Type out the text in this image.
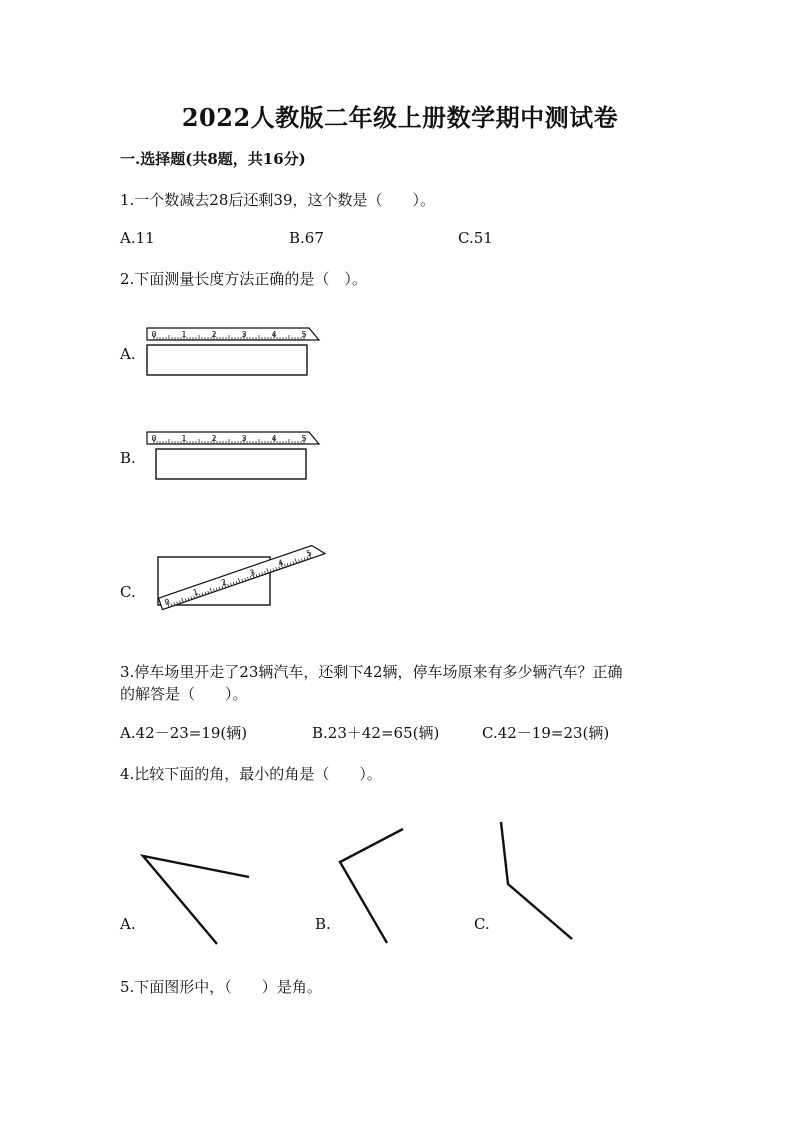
2022人教版二年级上册数学期中测试卷
一.选择题(共8题，共16分)
1.一个数减去28后还剩39，这个数是（　　）。
A.11	B.67	C.51
2.下面测量长度方法正确的是（　）。
A.
B.
C.
0	1	2	3	4	5
0	1	2	3	4	5
0
1
2
3
4
5
3.停车场里开走了23辆汽车，还剩下42辆，停车场原来有多少辆汽车？正确
的解答是（　　）。
A.42－23=19(辆)	B.23＋42=65(辆)	C.42－19=23(辆)
4.比较下面的角，最小的角是（　　）。
A.	B.	C.
5.下面图形中，（　　）是角。
